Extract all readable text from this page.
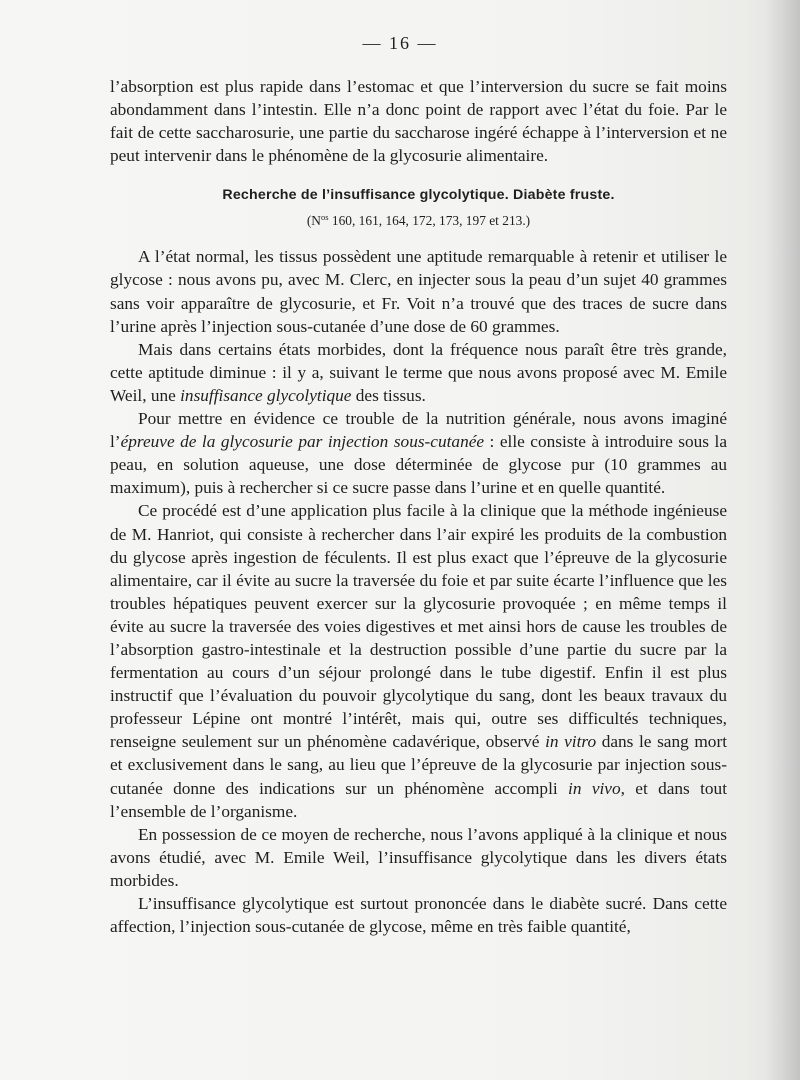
— 16 —

l’absorption est plus rapide dans l’estomac et que l’interversion du sucre se fait moins abondamment dans l’intestin. Elle n’a donc point de rapport avec l’état du foie. Par le fait de cette saccharosurie, une partie du saccharose ingéré échappe à l’interversion et ne peut intervenir dans le phénomène de la glycosurie alimentaire.

Recherche de l’insuffisance glycolytique. Diabète fruste.
($N^{os}$ 160, 161, 164, 172, 173, 197 et 213.)

A l’état normal, les tissus possèdent une aptitude remarquable à retenir et utiliser le glycose : nous avons pu, avec M. Clerc, en injecter sous la peau d’un sujet 40 grammes sans voir apparaître de glycosurie, et Fr. Voit n’a trouvé que des traces de sucre dans l’urine après l’injection sous-cutanée d’une dose de 60 grammes.

Mais dans certains états morbides, dont la fréquence nous paraît être très grande, cette aptitude diminue : il y a, suivant le terme que nous avons proposé avec M. Emile Weil, une insuffisance glycolytique des tissus.

Pour mettre en évidence ce trouble de la nutrition générale, nous avons imaginé l’épreuve de la glycosurie par injection sous-cutanée : elle consiste à introduire sous la peau, en solution aqueuse, une dose déterminée de glycose pur (10 grammes au maximum), puis à rechercher si ce sucre passe dans l’urine et en quelle quantité.

Ce procédé est d’une application plus facile à la clinique que la méthode ingénieuse de M. Hanriot, qui consiste à rechercher dans l’air expiré les produits de la combustion du glycose après ingestion de féculents. Il est plus exact que l’épreuve de la glycosurie alimentaire, car il évite au sucre la traversée du foie et par suite écarte l’influence que les troubles hépatiques peuvent exercer sur la glycosurie provoquée ; en même temps il évite au sucre la traversée des voies digestives et met ainsi hors de cause les troubles de l’absorption gastro-intestinale et la destruction possible d’une partie du sucre par la fermentation au cours d’un séjour prolongé dans le tube digestif. Enfin il est plus instructif que l’évaluation du pouvoir glycolytique du sang, dont les beaux travaux du professeur Lépine ont montré l’intérêt, mais qui, outre ses difficultés techniques, renseigne seulement sur un phénomène cadavérique, observé in vitro dans le sang mort et exclusivement dans le sang, au lieu que l’épreuve de la glycosurie par injection sous-cutanée donne des indications sur un phénomène accompli in vivo, et dans tout l’ensemble de l’organisme.

En possession de ce moyen de recherche, nous l’avons appliqué à la clinique et nous avons étudié, avec M. Emile Weil, l’insuffisance glycolytique dans les divers états morbides.

L’insuffisance glycolytique est surtout prononcée dans le diabète sucré. Dans cette affection, l’injection sous-cutanée de glycose, même en très faible quantité,
